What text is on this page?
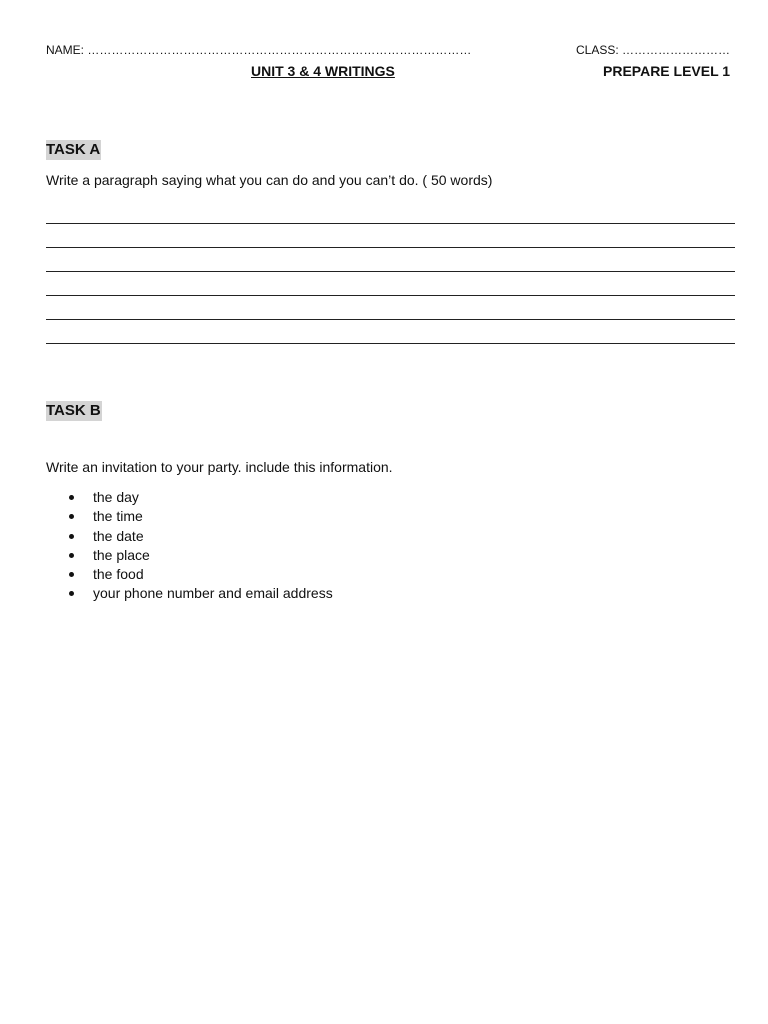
NAME: ……………………………………………………………………………………	CLASS: ………………………
UNIT 3 & 4 WRITINGS	PREPARE LEVEL 1
TASK A
Write a paragraph saying what you can do and you can’t do. ( 50 words)
TASK B
Write an invitation to your party. include this information.
the day
the time
the date
the place
the food
your phone number and email address
